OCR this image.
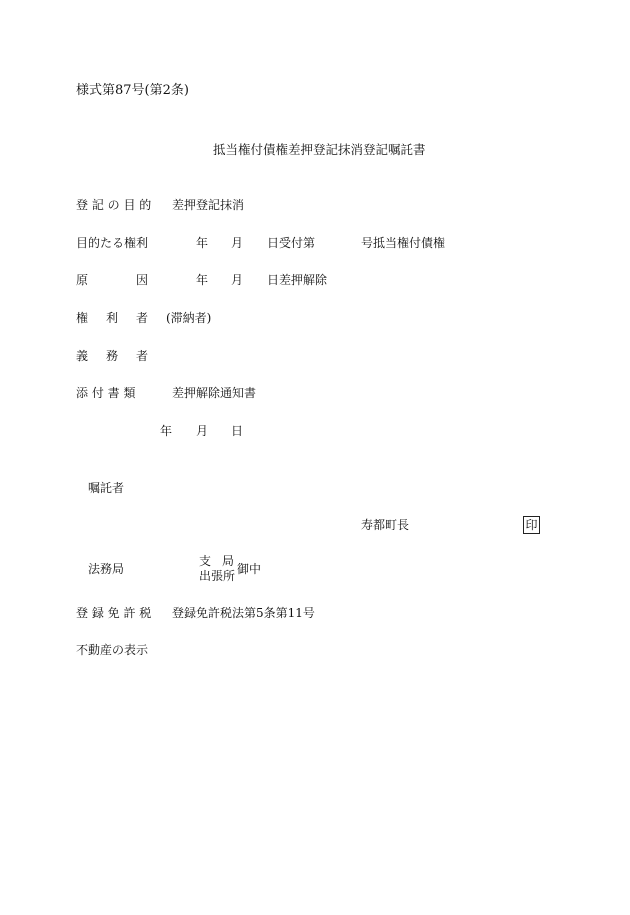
様式第87号(第2条)
抵当権付債権差押登記抹消登記嘱託書
登 記 の 目 的 差押登記抹消
目的たる権利	年 月 日受付第	号抵当権付債権
原	因	年 月 日差押解除
権 利 者 (滞納者)
義 務 者
添 付 書 類	差押解除通知書
年 月 日
嘱託者
寿都町長	印
法務局
支 局
出張所 御中
登 録 免 許 税 登録免許税法第5条第11号
不動産の表示
